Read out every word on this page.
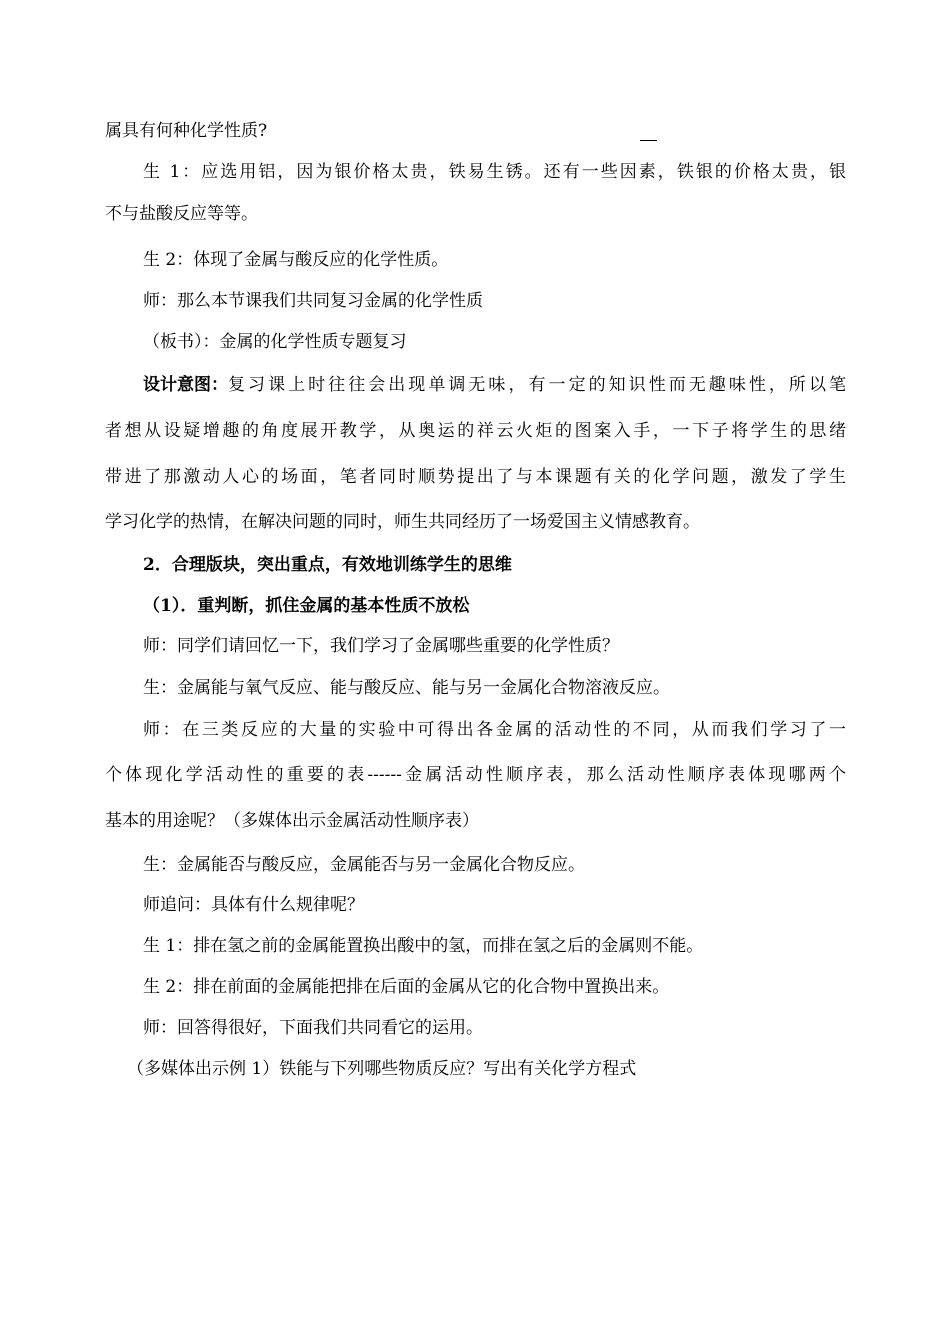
属具有何种化学性质?
生 1：应选用铝，因为银价格太贵，铁易生锈。还有一些因素，铁银的价格太贵，银
不与盐酸反应等等。
生 2：体现了金属与酸反应的化学性质。
师：那么本节课我们共同复习金属的化学性质
（板书）：金属的化学性质专题复习
设计意图： 复习课上时往往会出现单调无味，有一定的知识性而无趣味性，所以笔
者想从设疑增趣的角度展开教学，从奥运的祥云火炬的图案入手，一下子将学生的思绪
带进了那激动人心的场面，笔者同时顺势提出了与本课题有关的化学问题，激发了学生
学习化学的热情，在解决问题的同时，师生共同经历了一场爱国主义情感教育。
2．合理版块，突出重点，有效地训练学生的思维
（1）．重判断，抓住金属的基本性质不放松
师：同学们请回忆一下，我们学习了金属哪些重要的化学性质？
生：金属能与氧气反应、能与酸反应、能与另一金属化合物溶液反应。
师：在三类反应的大量的实验中可得出各金属的活动性的不同，从而我们学习了一
个体现化学活动性的重要的表------金属活动性顺序表，那么活动性顺序表体现哪两个
基本的用途呢？（多媒体出示金属活动性顺序表）
生：金属能否与酸反应，金属能否与另一金属化合物反应。
师追问：具体有什么规律呢？
生 1：排在氢之前的金属能置换出酸中的氢，而排在氢之后的金属则不能。
生 2：排在前面的金属能把排在后面的金属从它的化合物中置换出来。
师：回答得很好，下面我们共同看它的运用。
（多媒体出示例 1）铁能与下列哪些物质反应？写出有关化学方程式
